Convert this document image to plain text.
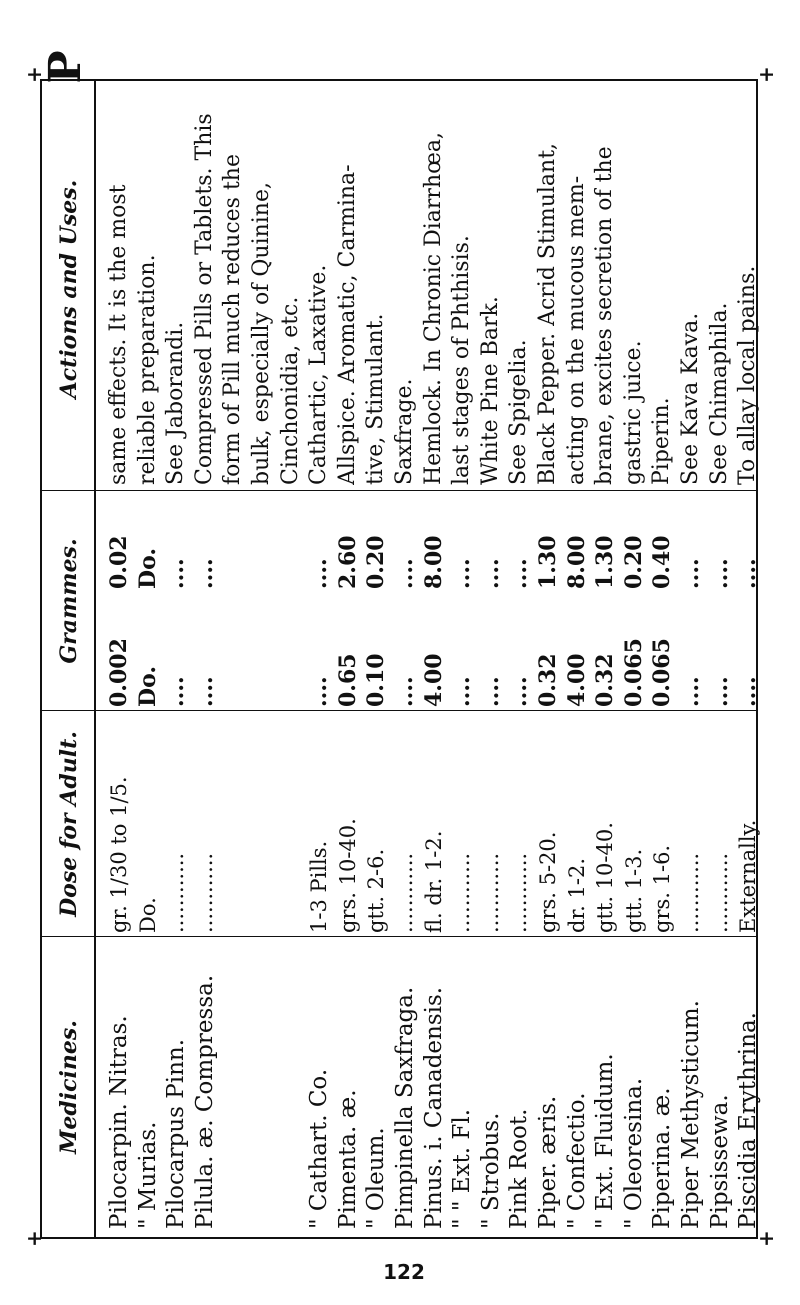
Medicines.
Dose for Adult.
Grammes.
Actions and Uses.
P
Pilocarpin. Nitras.
gr. 1/30 to 1/5.
0.002
0.02
same effects. It is the most
" Murias.
Do.
Do.
Do.
reliable preparation.
Pilocarpus Pinn.
............
....
....
See Jaborandi.
Pilula. æ. Compressa.
............
....
....
Compressed Pills or Tablets. This form of Pill much reduces the bulk, especially of Quinine, Cinchonidia, etc.
" Cathart. Co.
1-3 Pills.
....
....
Cathartic, Laxative.
Pimenta. æ.
grs. 10-40.
0.65
2.60
Allspice. Aromatic, Carmina-
" Oleum.
gtt. 2-6.
0.10
0.20
tive, Stimulant.
Pimpinella Saxfraga.
............
....
....
Saxfrage.
Pinus. i. Canadensis.
fl. dr. 1-2.
4.00
8.00
Hemlock. In Chronic Diarrhœa,
" " Ext. Fl.
............
....
....
last stages of Phthisis.
" Strobus.
............
....
....
White Pine Bark.
Pink Root.
............
....
....
See Spigelia.
Piper. æris.
grs. 5-20.
0.32
1.30
Black Pepper. Acrid Stimulant,
" Confectio.
dr. 1-2.
4.00
8.00
acting on the mucous mem-
" Ext. Fluidum.
gtt. 10-40.
0.32
1.30
brane, excites secretion of the
" Oleoresina.
gtt. 1-3.
0.065
0.20
gastric juice.
Piperina. æ.
grs. 1-6.
0.065
0.40
Piperin.
Piper Methysticum.
............
....
....
See Kava Kava.
Pipsissewa.
............
....
....
See Chimaphila.
Piscidia Erythrina.
Externally.
....
....
To allay local pains.
122
+
+
+
+
